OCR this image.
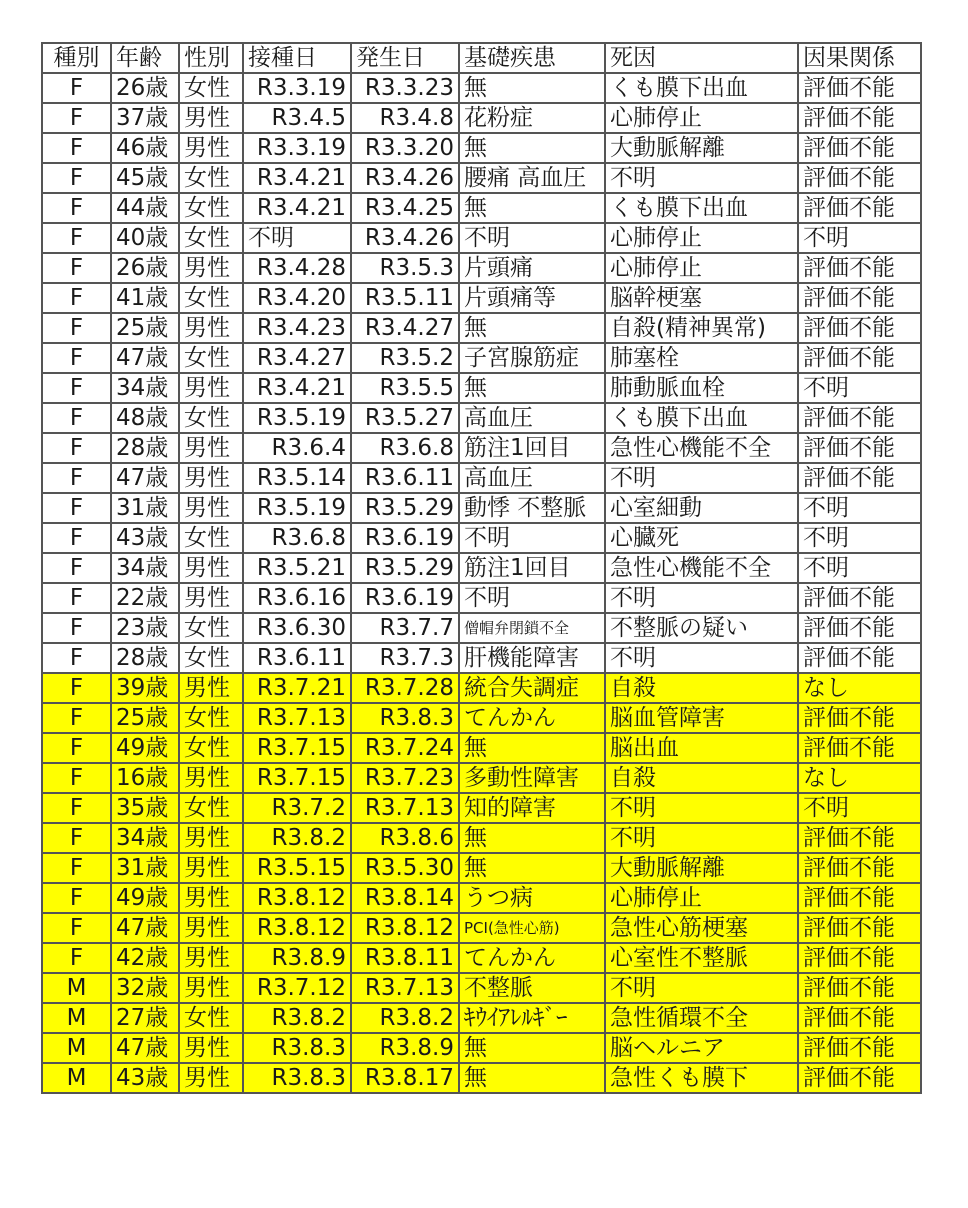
種別	年齢	性別	接種日	発生日	基礎疾患	死因	因果関係
F	26歳	女性	R3.3.19	R3.3.23	無	くも膜下出血	評価不能
F	37歳	男性	R3.4.5	R3.4.8	花粉症	心肺停止	評価不能
F	46歳	男性	R3.3.19	R3.3.20	無	大動脈解離	評価不能
F	45歳	女性	R3.4.21	R3.4.26	腰痛 高血圧	不明	評価不能
F	44歳	女性	R3.4.21	R3.4.25	無	くも膜下出血	評価不能
F	40歳	女性	不明	R3.4.26	不明	心肺停止	不明
F	26歳	男性	R3.4.28	R3.5.3	片頭痛	心肺停止	評価不能
F	41歳	女性	R3.4.20	R3.5.11	片頭痛等	脳幹梗塞	評価不能
F	25歳	男性	R3.4.23	R3.4.27	無	自殺(精神異常)	評価不能
F	47歳	女性	R3.4.27	R3.5.2	子宮腺筋症	肺塞栓	評価不能
F	34歳	男性	R3.4.21	R3.5.5	無	肺動脈血栓	不明
F	48歳	女性	R3.5.19	R3.5.27	高血圧	くも膜下出血	評価不能
F	28歳	男性	R3.6.4	R3.6.8	筋注1回目	急性心機能不全	評価不能
F	47歳	男性	R3.5.14	R3.6.11	高血圧	不明	評価不能
F	31歳	男性	R3.5.19	R3.5.29	動悸 不整脈	心室細動	不明
F	43歳	女性	R3.6.8	R3.6.19	不明	心臓死	不明
F	34歳	男性	R3.5.21	R3.5.29	筋注1回目	急性心機能不全	不明
F	22歳	男性	R3.6.16	R3.6.19	不明	不明	評価不能
F	23歳	女性	R3.6.30	R3.7.7	僧帽弁閉鎖不全	不整脈の疑い	評価不能
F	28歳	女性	R3.6.11	R3.7.3	肝機能障害	不明	評価不能
F	39歳	男性	R3.7.21	R3.7.28	統合失調症	自殺	なし
F	25歳	女性	R3.7.13	R3.8.3	てんかん	脳血管障害	評価不能
F	49歳	女性	R3.7.15	R3.7.24	無	脳出血	評価不能
F	16歳	男性	R3.7.15	R3.7.23	多動性障害	自殺	なし
F	35歳	女性	R3.7.2	R3.7.13	知的障害	不明	不明
F	34歳	男性	R3.8.2	R3.8.6	無	不明	評価不能
F	31歳	男性	R3.5.15	R3.5.30	無	大動脈解離	評価不能
F	49歳	男性	R3.8.12	R3.8.14	うつ病	心肺停止	評価不能
F	47歳	男性	R3.8.12	R3.8.12	PCI(急性心筋)	急性心筋梗塞	評価不能
F	42歳	男性	R3.8.9	R3.8.11	てんかん	心室性不整脈	評価不能
M	32歳	男性	R3.7.12	R3.7.13	不整脈	不明	評価不能
M	27歳	女性	R3.8.2	R3.8.2	ｷｳｲｱﾚﾙｷﾞｰ	急性循環不全	評価不能
M	47歳	男性	R3.8.3	R3.8.9	無	脳ヘルニア	評価不能
M	43歳	男性	R3.8.3	R3.8.17	無	急性くも膜下	評価不能
